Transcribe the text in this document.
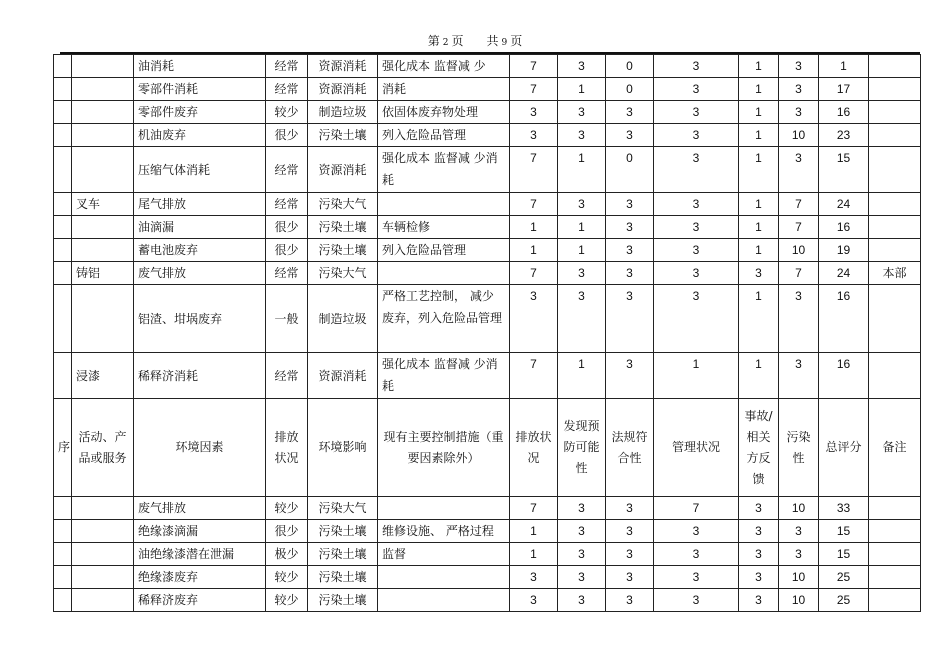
第 2 页 共 9 页
		油消耗	经常	资源消耗	强化成本 监督减 少	7	3	0	3	1	3	1	
		零部件消耗	经常	资源消耗	消耗	7	1	0	3	1	3	17	
		零部件废弃	较少	制造垃圾	依固体废弃物处理	3	3	3	3	1	3	16	
		机油废弃	很少	污染土壤	列入危险品管理	3	3	3	3	1	10	23	
		压缩气体消耗	经常	资源消耗	强化成本 监督减 少消耗	7	1	0	3	1	3	15	
	叉车	尾气排放	经常	污染大气		7	3	3	3	1	7	24	
		油滴漏	很少	污染土壤	车辆检修	1	1	3	3	1	7	16	
		蓄电池废弃	很少	污染土壤	列入危险品管理	1	1	3	3	1	10	19	
	铸铝	废气排放	经常	污染大气		7	3	3	3	3	7	24	本部
		铝渣、坩埚废弃	一般	制造垃圾	严格工艺控制， 减少废弃，列入危险品管理	3	3	3	3	1	3	16	
	浸漆	稀释济消耗	经常	资源消耗	强化成本 监督减 少消耗	7	1	3	1	1	3	16	
序	活动、产品或服务	环境因素	排放状况	环境影响	现有主要控制措施（重要因素除外）	排放状况	发现预防可能性	法规符合性	管理状况	事故/相关方反馈	污染性	总评分	备注
		废气排放	较少	污染大气		7	3	3	7	3	10	33	
		绝缘漆滴漏	很少	污染土壤	维修设施、 严格过程	1	3	3	3	3	3	15	
		油绝缘漆潜在泄漏	极少	污染土壤	监督	1	3	3	3	3	3	15	
		绝缘漆废弃	较少	污染土壤		3	3	3	3	3	10	25	
		稀释济废弃	较少	污染土壤		3	3	3	3	3	10	25	
